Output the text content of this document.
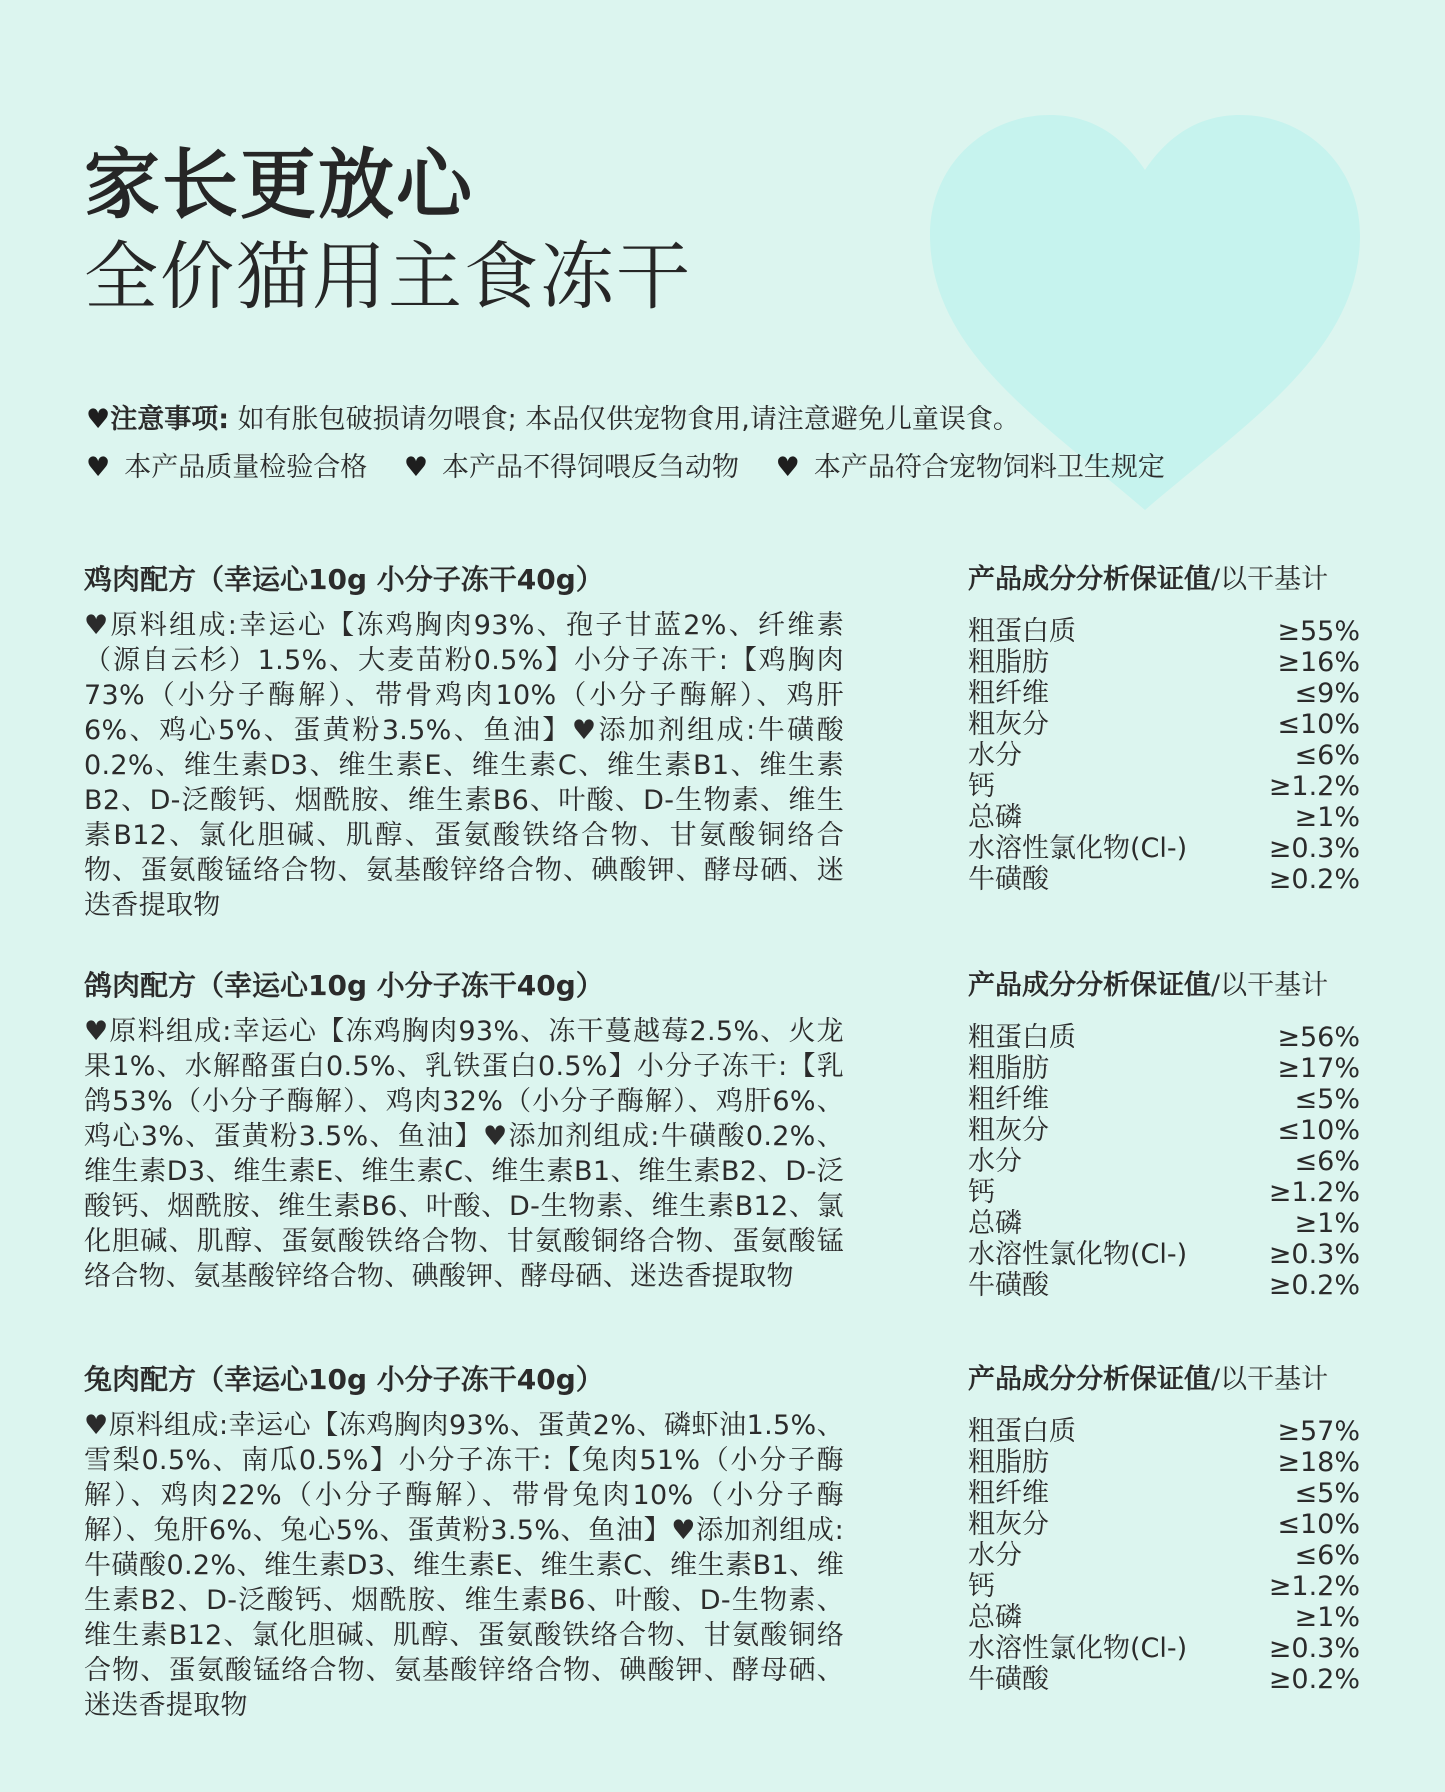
家长更放心
全价猫用主食冻干
♥注意事项: 如有胀包破损请勿喂食; 本品仅供宠物食用,请注意避免儿童误食。
♥ 本产品质量检验合格 ♥ 本产品不得饲喂反刍动物 ♥ 本产品符合宠物饲料卫生规定
鸡肉配方（幸运心10g 小分子冻干40g）

♥原料组成:幸运心【冻鸡胸肉93%、孢子甘蓝2%、纤维素（源自云杉）1.5%、大麦苗粉0.5%】小分子冻干:【鸡胸肉73%（小分子酶解）、带骨鸡肉10%（小分子酶解）、鸡肝6%、鸡心5%、蛋黄粉3.5%、鱼油】♥添加剂组成:牛磺酸0.2%、维生素D3、维生素E、维生素C、维生素B1、维生素B2、D-泛酸钙、烟酰胺、维生素B6、叶酸、D-生物素、维生素B12、氯化胆碱、肌醇、蛋氨酸铁络合物、甘氨酸铜络合物、蛋氨酸锰络合物、氨基酸锌络合物、碘酸钾、酵母硒、迷迭香提取物

产品成分分析保证值/以干基计
粗蛋白质	≥55%
粗脂肪	≥16%
粗纤维	≤9%
粗灰分	≤10%
水分	≤6%
钙	≥1.2%
总磷	≥1%
水溶性氯化物(Cl-)	≥0.3%
牛磺酸	≥0.2%
鸽肉配方（幸运心10g 小分子冻干40g）

♥原料组成:幸运心【冻鸡胸肉93%、冻干蔓越莓2.5%、火龙果1%、水解酪蛋白0.5%、乳铁蛋白0.5%】小分子冻干:【乳鸽53%（小分子酶解）、鸡肉32%（小分子酶解）、鸡肝6%、鸡心3%、蛋黄粉3.5%、鱼油】♥添加剂组成:牛磺酸0.2%、维生素D3、维生素E、维生素C、维生素B1、维生素B2、D-泛酸钙、烟酰胺、维生素B6、叶酸、D-生物素、维生素B12、氯化胆碱、肌醇、蛋氨酸铁络合物、甘氨酸铜络合物、蛋氨酸锰络合物、氨基酸锌络合物、碘酸钾、酵母硒、迷迭香提取物

产品成分分析保证值/以干基计
粗蛋白质	≥56%
粗脂肪	≥17%
粗纤维	≤5%
粗灰分	≤10%
水分	≤6%
钙	≥1.2%
总磷	≥1%
水溶性氯化物(Cl-)	≥0.3%
牛磺酸	≥0.2%
兔肉配方（幸运心10g 小分子冻干40g）

♥原料组成:幸运心【冻鸡胸肉93%、蛋黄2%、磷虾油1.5%、雪梨0.5%、南瓜0.5%】小分子冻干:【兔肉51%（小分子酶解）、鸡肉22%（小分子酶解）、带骨兔肉10%（小分子酶解）、兔肝6%、兔心5%、蛋黄粉3.5%、鱼油】♥添加剂组成:牛磺酸0.2%、维生素D3、维生素E、维生素C、维生素B1、维生素B2、D-泛酸钙、烟酰胺、维生素B6、叶酸、D-生物素、维生素B12、氯化胆碱、肌醇、蛋氨酸铁络合物、甘氨酸铜络合物、蛋氨酸锰络合物、氨基酸锌络合物、碘酸钾、酵母硒、迷迭香提取物

产品成分分析保证值/以干基计
粗蛋白质	≥57%
粗脂肪	≥18%
粗纤维	≤5%
粗灰分	≤10%
水分	≤6%
钙	≥1.2%
总磷	≥1%
水溶性氯化物(Cl-)	≥0.3%
牛磺酸	≥0.2%
